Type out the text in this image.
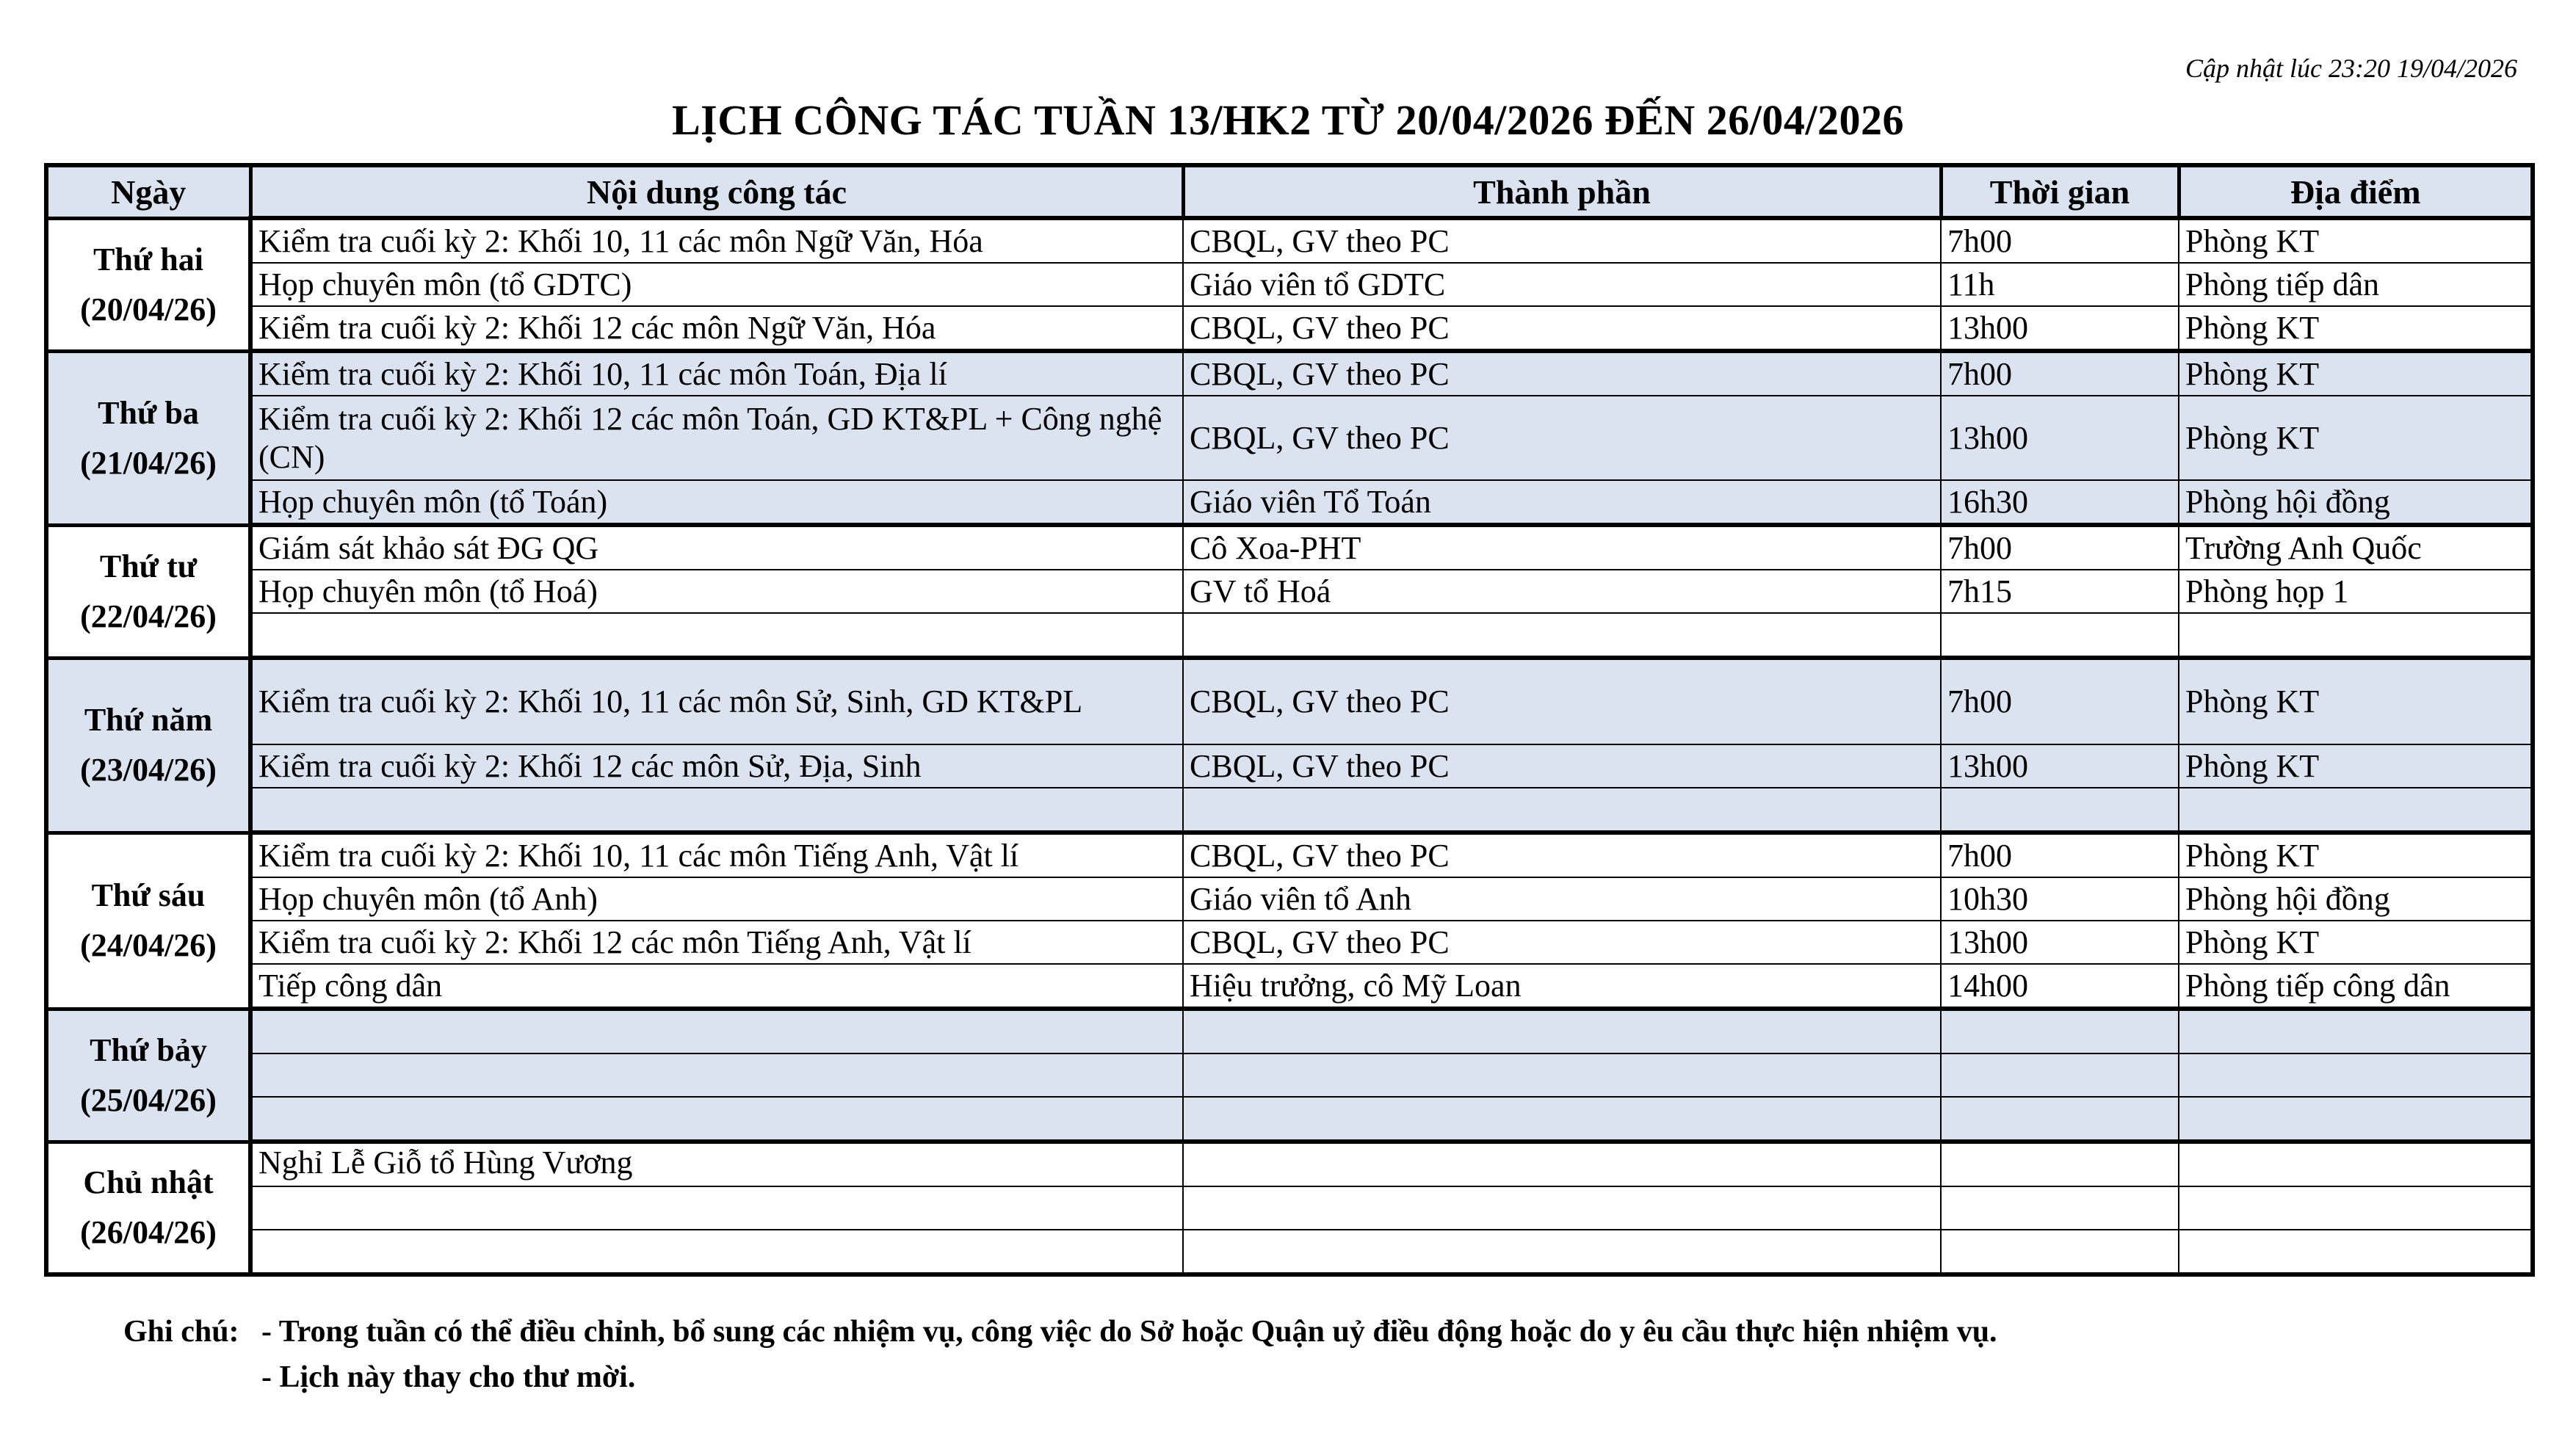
Cập nhật lúc 23:20 19/04/2026
LỊCH CÔNG TÁC TUẦN 13/HK2 TỪ 20/04/2026 ĐẾN 26/04/2026
Ngày	Nội dung công tác	Thành phần	Thời gian	Địa điểm

Thứ hai
(20/04/26)	Kiểm tra cuối kỳ 2: Khối 10, 11 các môn Ngữ Văn, Hóa	CBQL, GV theo PC	7h00	Phòng KT
	Họp chuyên môn (tổ GDTC)	Giáo viên tổ GDTC	11h	Phòng tiếp dân
	Kiểm tra cuối kỳ 2: Khối 12 các môn Ngữ Văn, Hóa	CBQL, GV theo PC	13h00	Phòng KT

Thứ ba
(21/04/26)	Kiểm tra cuối kỳ 2: Khối 10, 11 các môn Toán, Địa lí	CBQL, GV theo PC	7h00	Phòng KT
	Kiểm tra cuối kỳ 2: Khối 12 các môn Toán, GD KT&PL + Công nghệ (CN)	CBQL, GV theo PC	13h00	Phòng KT
	Họp chuyên môn (tổ Toán)	Giáo viên Tổ Toán	16h30	Phòng hội đồng

Thứ tư
(22/04/26)	Giám sát khảo sát ĐG QG	Cô Xoa-PHT	7h00	Trường Anh Quốc
	Họp chuyên môn (tổ Hoá)	GV tổ Hoá	7h15	Phòng họp 1

Thứ năm
(23/04/26)	Kiểm tra cuối kỳ 2: Khối 10, 11 các môn Sử, Sinh, GD KT&PL	CBQL, GV theo PC	7h00	Phòng KT
	Kiểm tra cuối kỳ 2: Khối 12 các môn Sử, Địa, Sinh	CBQL, GV theo PC	13h00	Phòng KT

Thứ sáu
(24/04/26)	Kiểm tra cuối kỳ 2: Khối 10, 11 các môn Tiếng Anh, Vật lí	CBQL, GV theo PC	7h00	Phòng KT
	Họp chuyên môn (tổ Anh)	Giáo viên tổ Anh	10h30	Phòng hội đồng
	Kiểm tra cuối kỳ 2: Khối 12 các môn Tiếng Anh, Vật lí	CBQL, GV theo PC	13h00	Phòng KT
	Tiếp công dân	Hiệu trưởng, cô Mỹ Loan	14h00	Phòng tiếp công dân

Thứ bảy
(25/04/26)				

Chủ nhật
(26/04/26)	Nghỉ Lễ Giỗ tổ Hùng Vương			

Ghi chú: - Trong tuần có thể điều chỉnh, bổ sung các nhiệm vụ, công việc do Sở hoặc Quận uỷ điều động hoặc do y êu cầu thực hiện nhiệm vụ.
- Lịch này thay cho thư mời.
